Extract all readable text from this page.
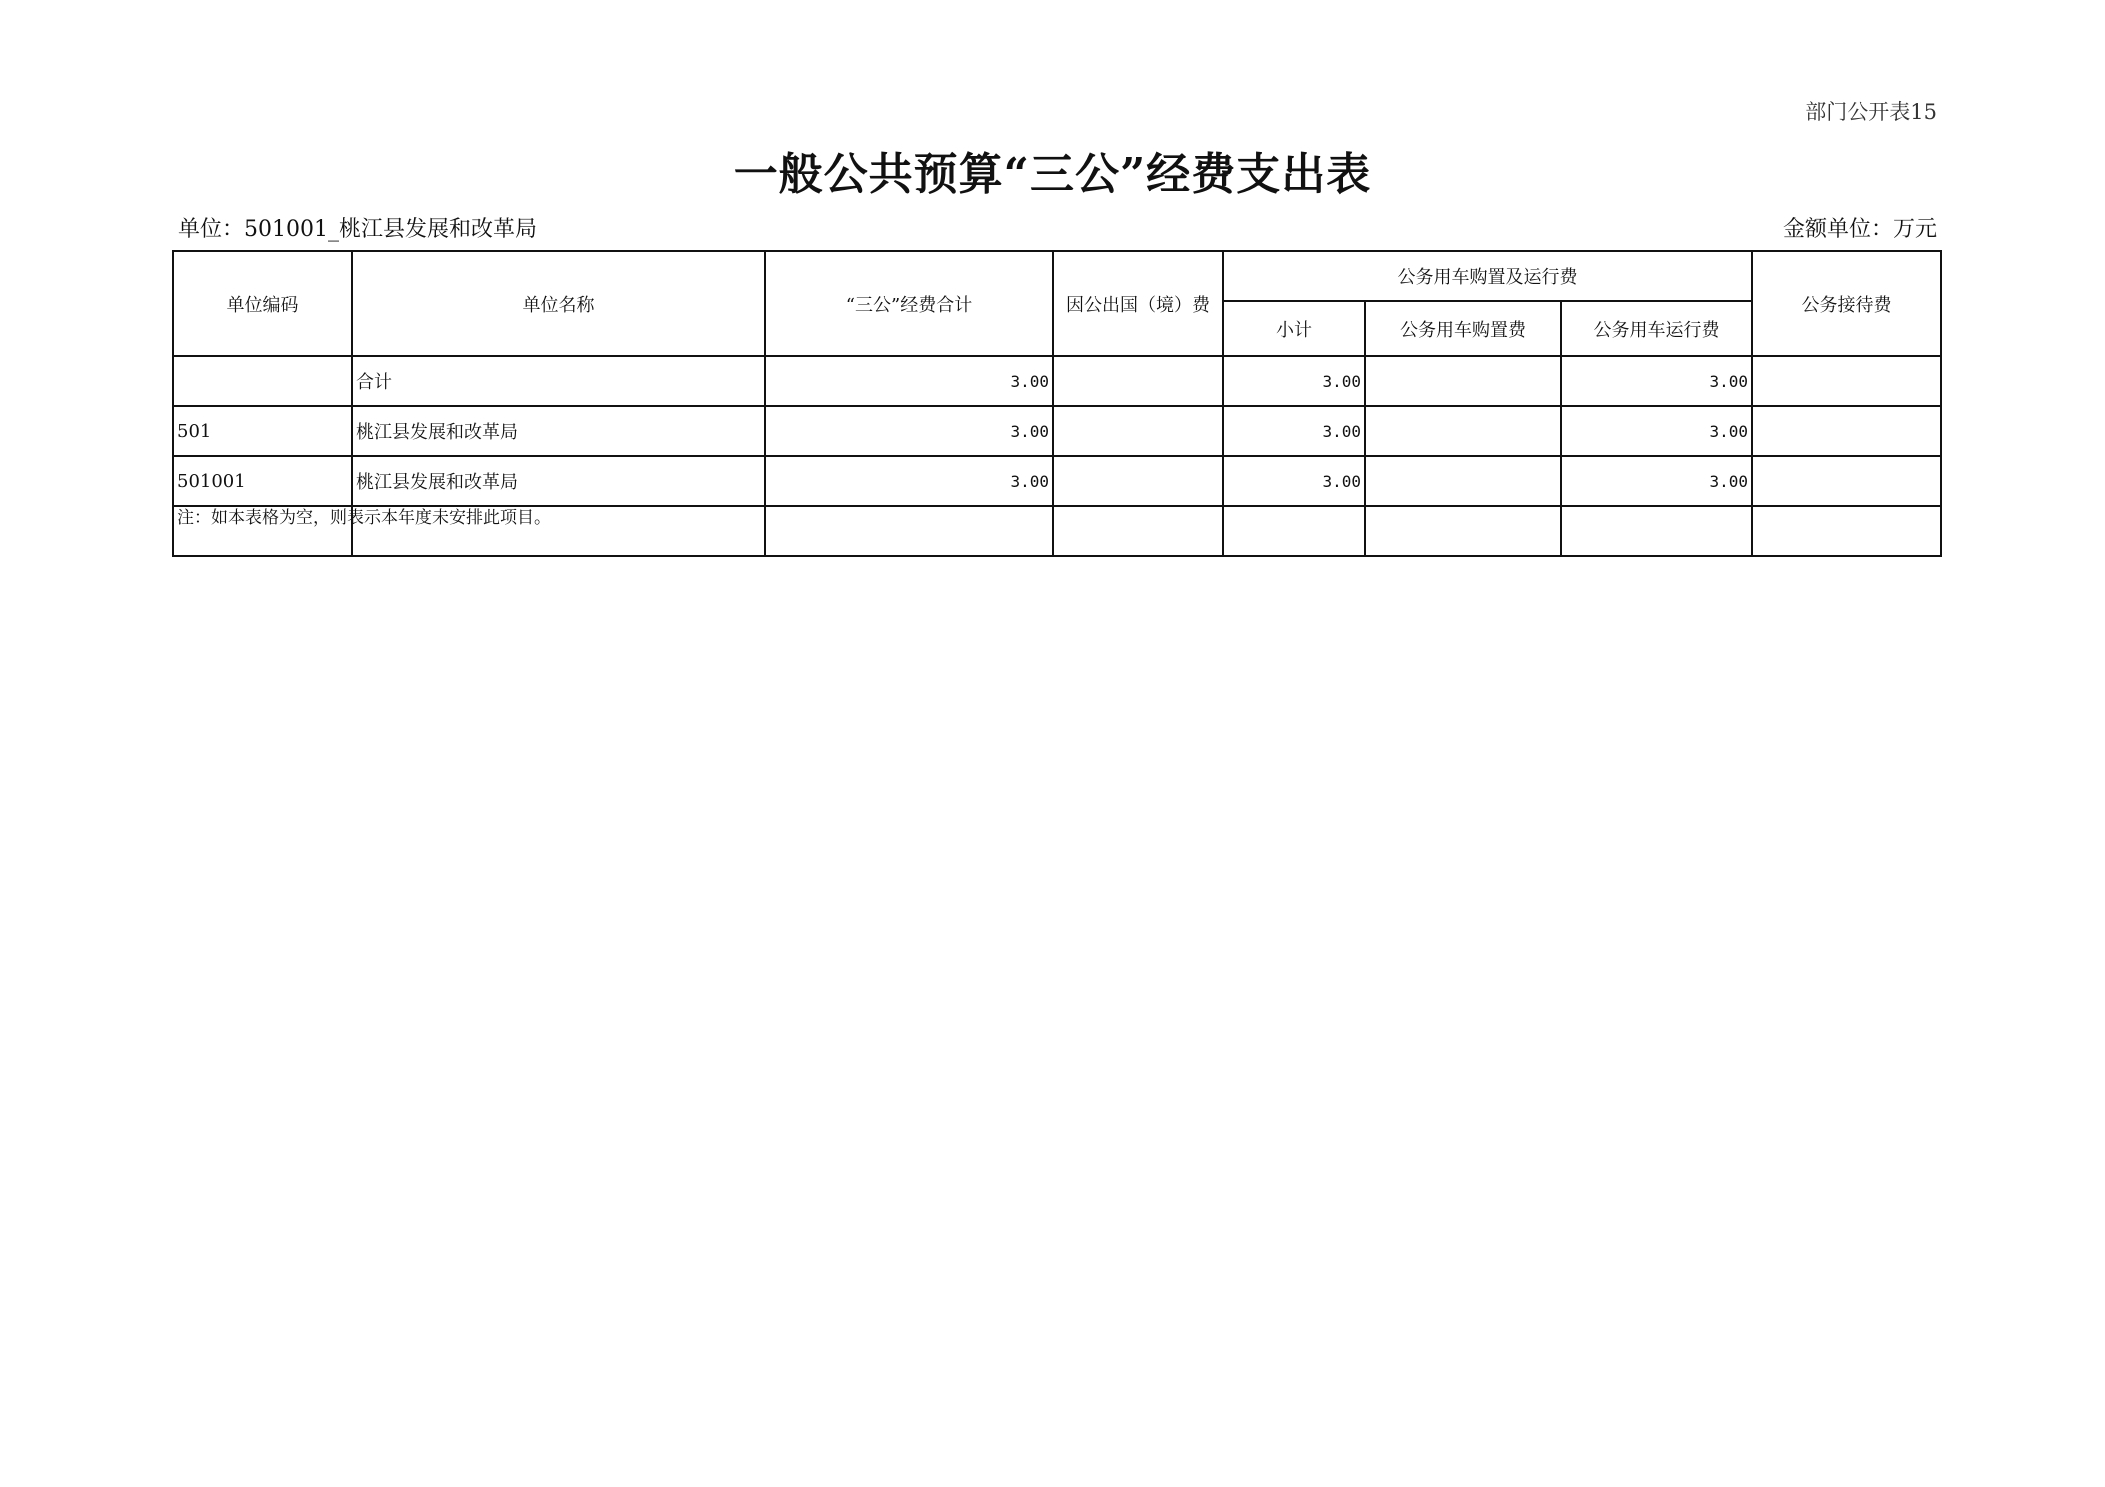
部门公开表15
一般公共预算“三公”经费支出表
单位：501001_桃江县发展和改革局	金额单位：万元
单位编码	单位名称	“三公”经费合计	因公出国（境）费	公务用车购置及运行费			公务接待费
				小计	公务用车购置费	公务用车运行费	
	合计	3.00		3.00		3.00	
501	桃江县发展和改革局	3.00		3.00		3.00	
501001	桃江县发展和改革局	3.00		3.00		3.00	

注：如本表格为空，则表示本年度未安排此项目。							
